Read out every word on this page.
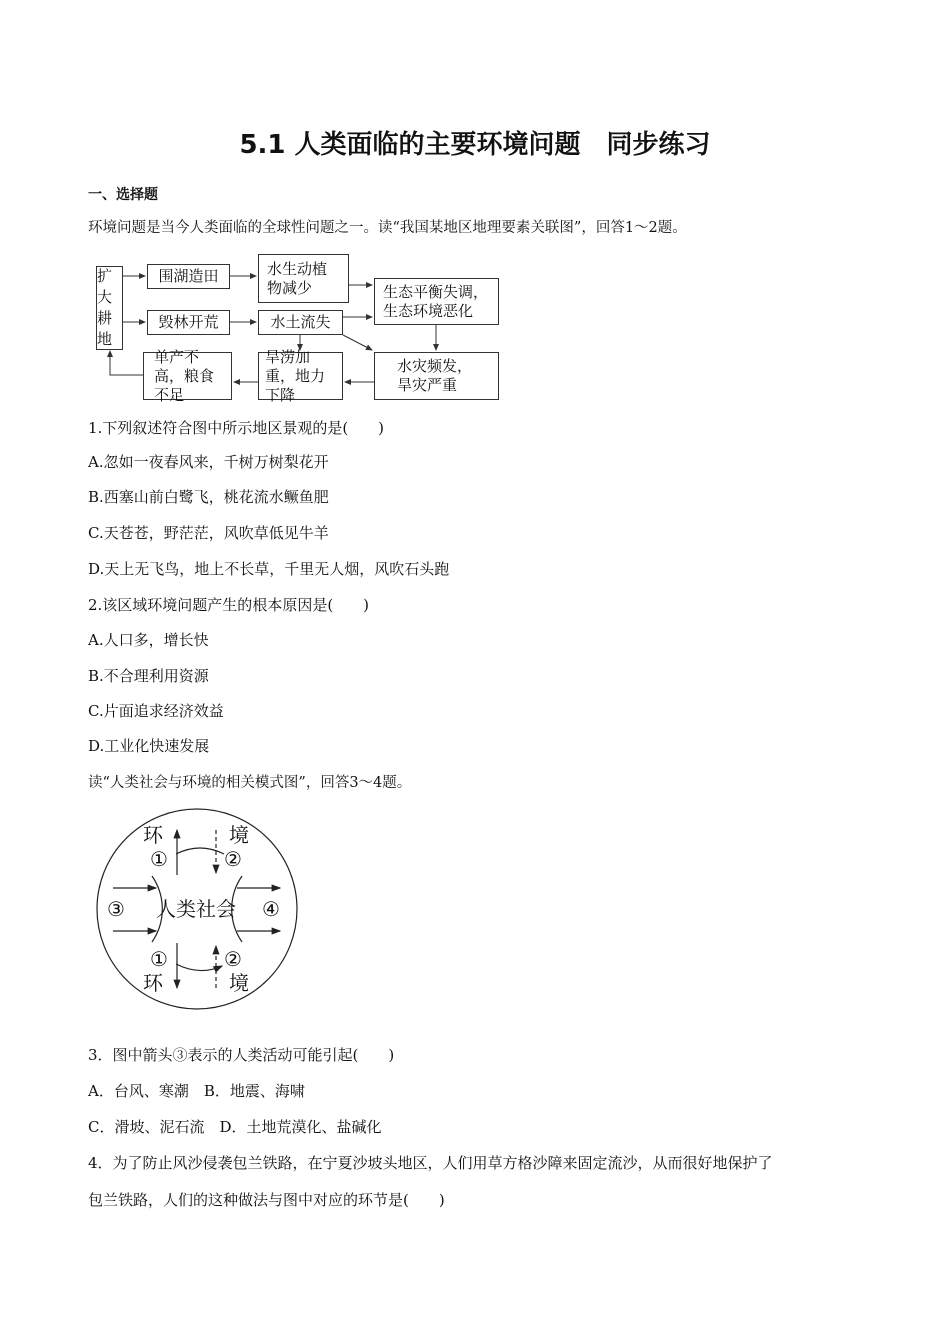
5.1 人类面临的主要环境问题　同步练习
一、选择题
环境问题是当今人类面临的全球性问题之一。读“我国某地区地理要素关联图”，回答1～2题。
扩大耕地
围湖造田	水生动植物减少	生态平衡失调，生态环境恶化
毁林开荒	水土流失
单产不高，粮食不足
旱涝加重，地力下降
水灾频发，旱灾严重
1.下列叙述符合图中所示地区景观的是(　　)
A.忽如一夜春风来，千树万树梨花开
B.西塞山前白鹭飞，桃花流水鳜鱼肥
C.天苍苍，野茫茫，风吹草低见牛羊
D.天上无飞鸟，地上不长草，千里无人烟，风吹石头跑
2.该区域环境问题产生的根本原因是(　　)
A.人口多，增长快
B.不合理利用资源
C.片面追求经济效益
D.工业化快速发展
读“人类社会与环境的相关模式图”，回答3～4题。
环	境
①	②
③	④
人类社会
①	②
环	境
3．图中箭头③表示的人类活动可能引起(　　)
A．台风、寒潮　B．地震、海啸
C．滑坡、泥石流　D．土地荒漠化、盐碱化
4．为了防止风沙侵袭包兰铁路，在宁夏沙坡头地区，人们用草方格沙障来固定流沙，从而很好地保护了
包兰铁路，人们的这种做法与图中对应的环节是(　　)
